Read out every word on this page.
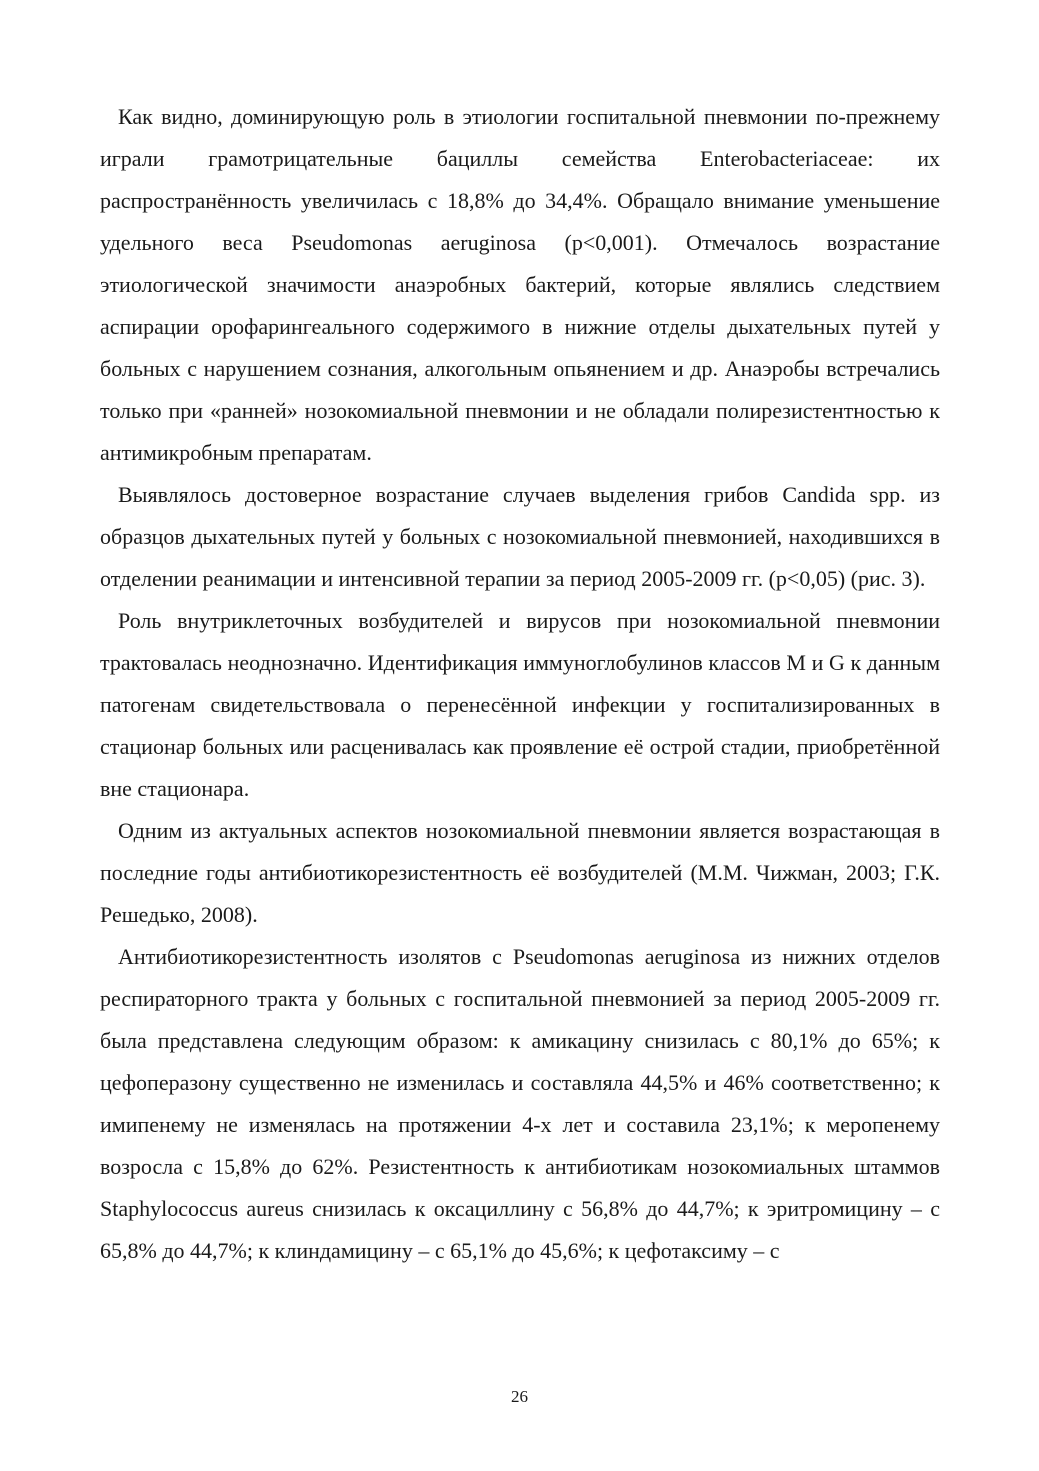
Как видно, доминирующую роль в этиологии госпитальной пневмонии по-прежнему играли грамотрицательные бациллы семейства Enterobacteriaceae: их распространённость увеличилась с 18,8% до 34,4%. Обращало внимание уменьшение удельного веса Pseudomonas aeruginosa (p<0,001). Отмечалось возрастание этиологической значимости анаэробных бактерий, которые являлись следствием аспирации орофарингеального содержимого в нижние отделы дыхательных путей у больных с нарушением сознания, алкогольным опьянением и др. Анаэробы встречались только при «ранней» нозокомиальной пневмонии и не обладали полирезистентностью к антимикробным препаратам.

Выявлялось достоверное возрастание случаев выделения грибов Candida spp. из образцов дыхательных путей у больных с нозокомиальной пневмонией, находившихся в отделении реанимации и интенсивной терапии за период 2005-2009 гг. (p<0,05) (рис. 3).

Роль внутриклеточных возбудителей и вирусов при нозокомиальной пневмонии трактовалась неоднозначно. Идентификация иммуноглобулинов классов M и G к данным патогенам свидетельствовала о перенесённой инфекции у госпитализированных в стационар больных или расценивалась как проявление её острой стадии, приобретённой вне стационара.

Одним из актуальных аспектов нозокомиальной пневмонии является возрастающая в последние годы антибиотикорезистентность её возбудителей (М.М. Чижман, 2003; Г.К. Решедько, 2008).

Антибиотикорезистентность изолятов с Pseudomonas aeruginosa из нижних отделов респираторного тракта у больных с госпитальной пневмонией за период 2005-2009 гг. была представлена следующим образом: к амикацину снизилась с 80,1% до 65%; к цефоперазону существенно не изменилась и составляла 44,5% и 46% соответственно; к имипенему не изменялась на протяжении 4-х лет и составила 23,1%; к меропенему возросла с 15,8% до 62%. Резистентность к антибиотикам нозокомиальных штаммов Staphylococcus aureus снизилась к оксациллину с 56,8% до 44,7%; к эритромицину – с 65,8% до 44,7%; к клиндамицину – с 65,1% до 45,6%; к цефотаксиму – с

26
